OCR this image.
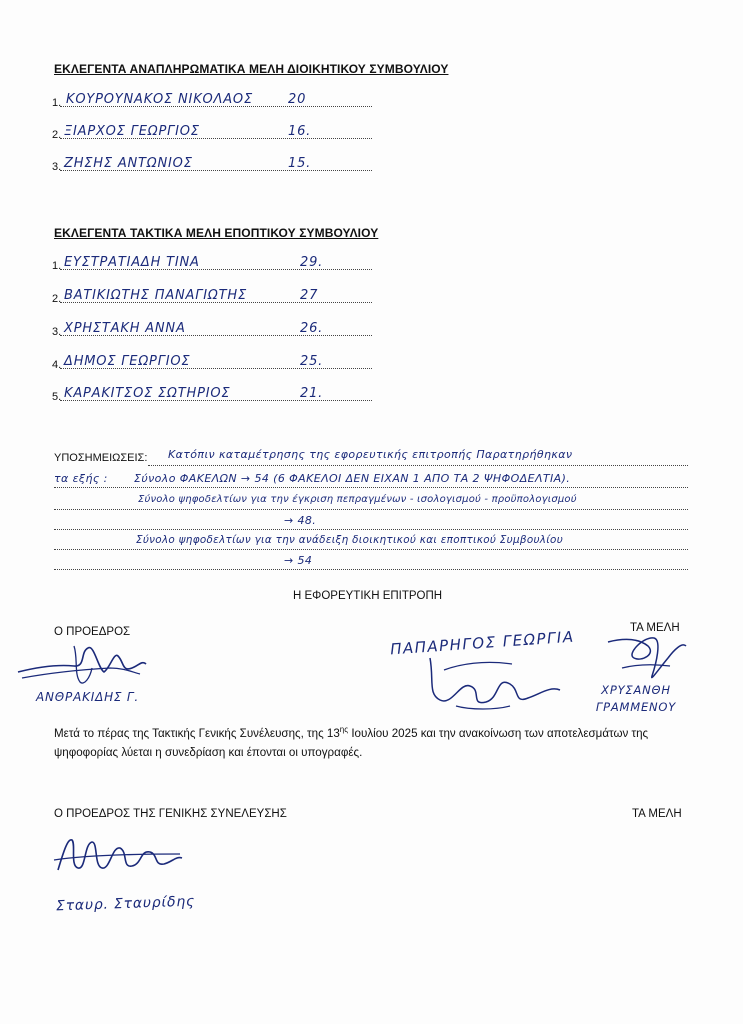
ΕΚΛΕΓΕΝΤΑ ΑΝΑΠΛΗΡΩΜΑΤΙΚΑ ΜΕΛΗ ΔΙΟΙΚΗΤΙΚΟΥ ΣΥΜΒΟΥΛΙΟΥ
1. ΚΟΥΡΟΥΝΑΚΟΣ ΝΙΚΟΛΑΟΣ	20
2. ΞΙΑΡΧΟΣ ΓΕΩΡΓΙΟΣ	16.
3. ΖΗΣΗΣ ΑΝΤΩΝΙΟΣ	15.
ΕΚΛΕΓΕΝΤΑ ΤΑΚΤΙΚΑ ΜΕΛΗ ΕΠΟΠΤΙΚΟΥ ΣΥΜΒΟΥΛΙΟΥ
1. ΕΥΣΤΡΑΤΙΑΔΗ ΤΙΝΑ	29.
2. ΒΑΤΙΚΙΩΤΗΣ ΠΑΝΑΓΙΩΤΗΣ	27
3. ΧΡΗΣΤΑΚΗ ΑΝΝΑ	26.
4. ΔΗΜΟΣ ΓΕΩΡΓΙΟΣ	25.
5. ΚΑΡΑΚΙΤΣΟΣ ΣΩΤΗΡΙΟΣ	21.
ΥΠΟΣΗΜΕΙΩΣΕΙΣ: Κατόπιν καταμέτρησης της εφορευτικής επιτροπής Παρατηρήθηκαν
τα εξής : Σύνολο ΦΑΚΕΛΩΝ → 54 (6 ΦΑΚΕΛΟΙ ΔΕΝ ΕΙΧΑΝ 1 ΑΠΟ ΤΑ 2 ΨΗΦΟΔΕΛΤΙΑ).
Σύνολο ψηφοδελτίων για την έγκριση πεπραγμένων - ισολογισμού - προϋπολογισμού
→ 48.
Σύνολο ψηφοδελτίων για την ανάδειξη διοικητικού και εποπτικού Συμβουλίου
→ 54
Η ΕΦΟΡΕΥΤΙΚΗ ΕΠΙΤΡΟΠΗ
Ο ΠΡΟΕΔΡΟΣ	ΤΑ ΜΕΛΗ
ΑΝΘΡΑΚΙΔΗΣ Γ.
ΠΑΠΑΡΗΓΟΣ ΓΕΩΡΓΙΑ
ΧΡΥΣΑΝΘΗ ΓΡΑΜΜΕΝΟΥ
Μετά το πέρας της Τακτικής Γενικής Συνέλευσης, της $13^{\eta\varsigma}$ Ιουλίου 2025 και την ανακοίνωση των αποτελεσμάτων της ψηφοφορίας λύεται η συνεδρίαση και έπονται οι υπογραφές.
Ο ΠΡΟΕΔΡΟΣ ΤΗΣ ΓΕΝΙΚΗΣ ΣΥΝΕΛΕΥΣΗΣ	ΤΑ ΜΕΛΗ
Σταυρ. Σταυρίδης
